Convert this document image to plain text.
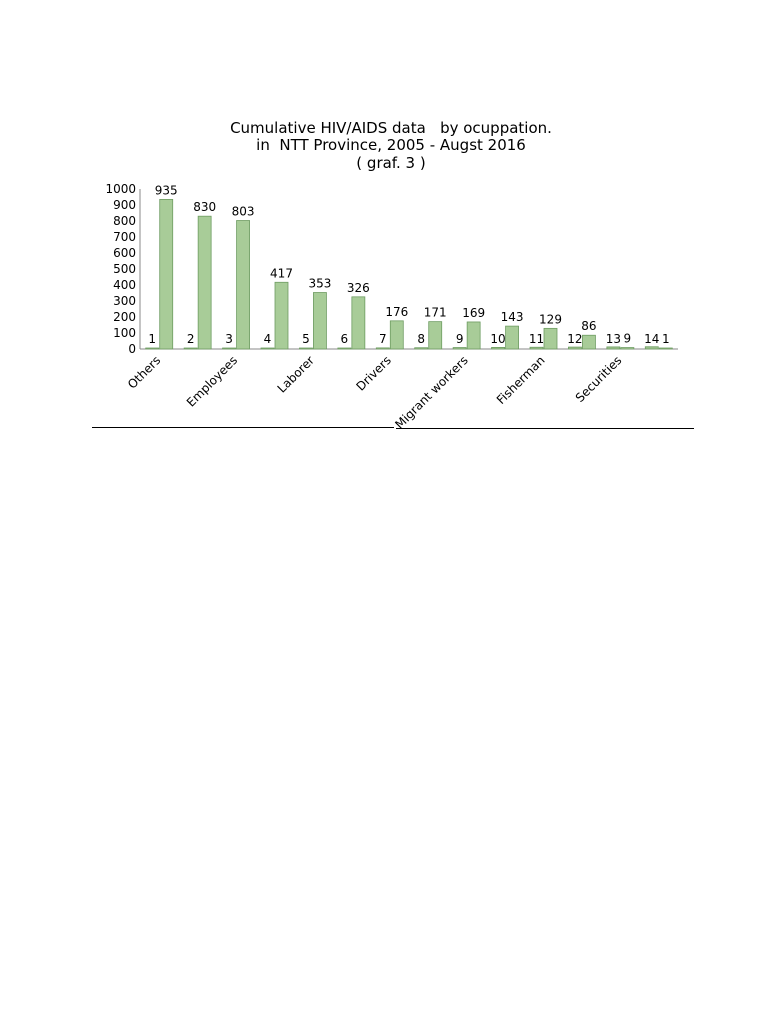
Cumulative HIV/AIDS data   by ocuppation.
in  NTT Province, 2005 - Augst 2016
( graf. 3 )
0
100
200
300
400
500
600
700
800
900
1000
1	2	3	4	5	6	7	8	9 10 11 12 13 14
935
830 803
417
353 326
176 171 169 143 129 86
9	1
Others Employees	Laborer	Drivers
Migrant workers Fisherman Securities
